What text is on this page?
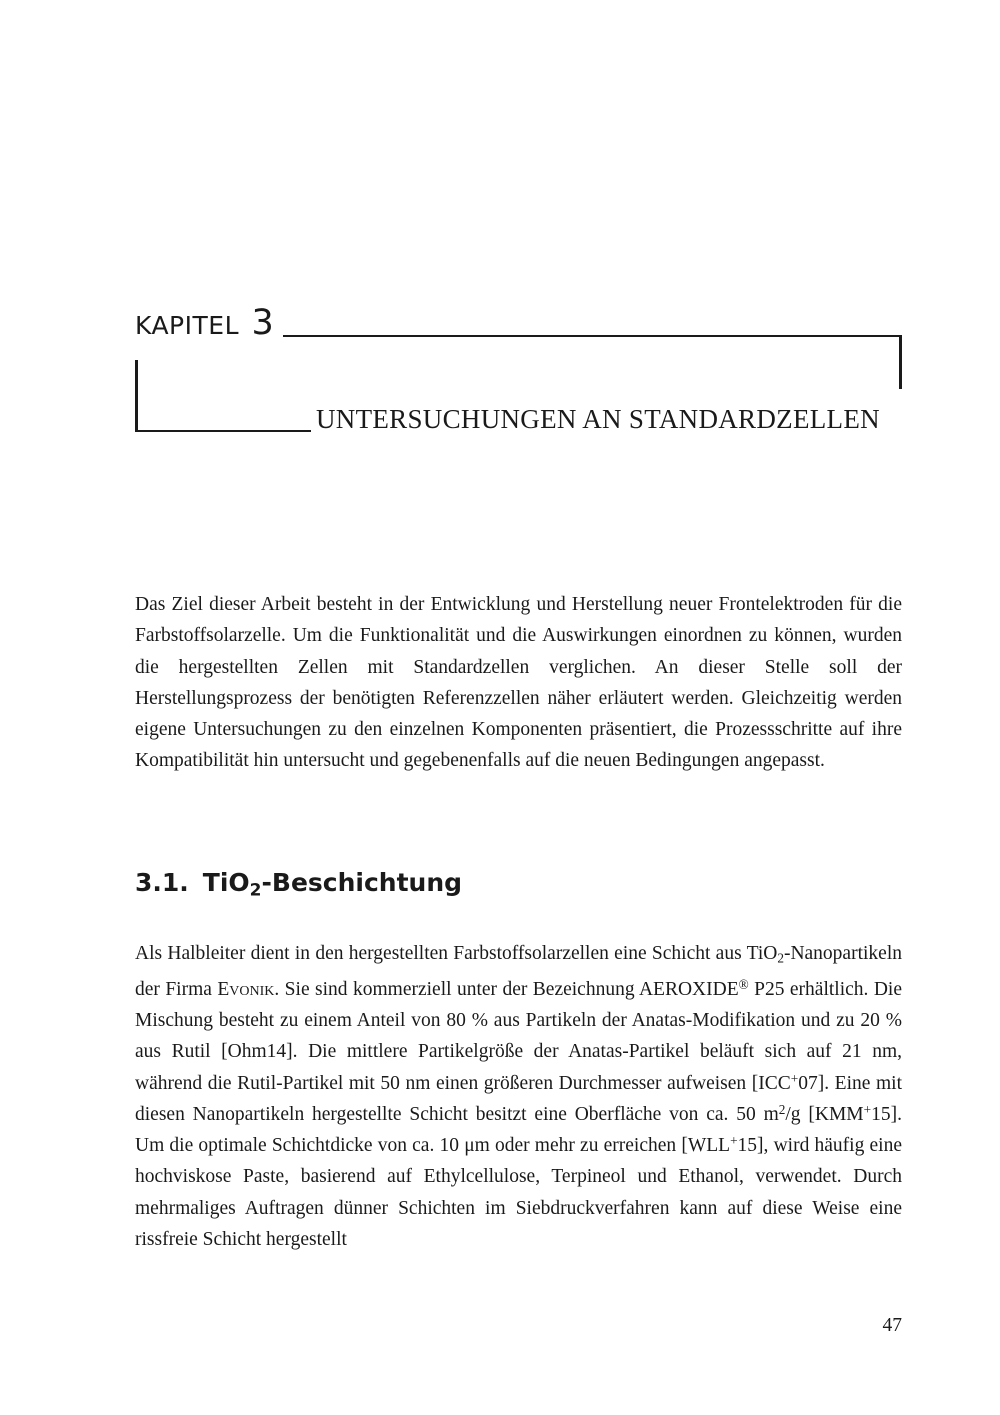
KAPITEL 3
UNTERSUCHUNGEN AN STANDARDZELLEN

Das Ziel dieser Arbeit besteht in der Entwicklung und Herstellung neuer Frontelektroden für die Farbstoffsolarzelle. Um die Funktionalität und die Auswirkungen einordnen zu können, wurden die hergestellten Zellen mit Standardzellen verglichen. An dieser Stelle soll der Herstellungsprozess der benötigten Referenzzellen näher erläutert werden. Gleichzeitig werden eigene Untersuchungen zu den einzelnen Komponenten präsentiert, die Prozessschritte auf ihre Kompatibilität hin untersucht und gegebenenfalls auf die neuen Bedingungen angepasst.

3.1. TiO$_2$-Beschichtung

Als Halbleiter dient in den hergestellten Farbstoffsolarzellen eine Schicht aus TiO$_2$-Nanopartikeln der Firma Evonik. Sie sind kommerziell unter der Bezeichnung AEROXIDE® P25 erhältlich. Die Mischung besteht zu einem Anteil von 80 % aus Partikeln der Anatas-Modifikation und zu 20 % aus Rutil [Ohm14]. Die mittlere Partikelgröße der Anatas-Partikel beläuft sich auf 21 nm, während die Rutil-Partikel mit 50 nm einen größeren Durchmesser aufweisen [ICC+07]. Eine mit diesen Nanopartikeln hergestellte Schicht besitzt eine Oberfläche von ca. 50 $m^2/g$ [KMM+15]. Um die optimale Schichtdicke von ca. 10 μm oder mehr zu erreichen [WLL+15], wird häufig eine hochviskose Paste, basierend auf Ethylcellulose, Terpineol und Ethanol, verwendet. Durch mehrmaliges Auftragen dünner Schichten im Siebdruckverfahren kann auf diese Weise eine rissfreie Schicht hergestellt

47
